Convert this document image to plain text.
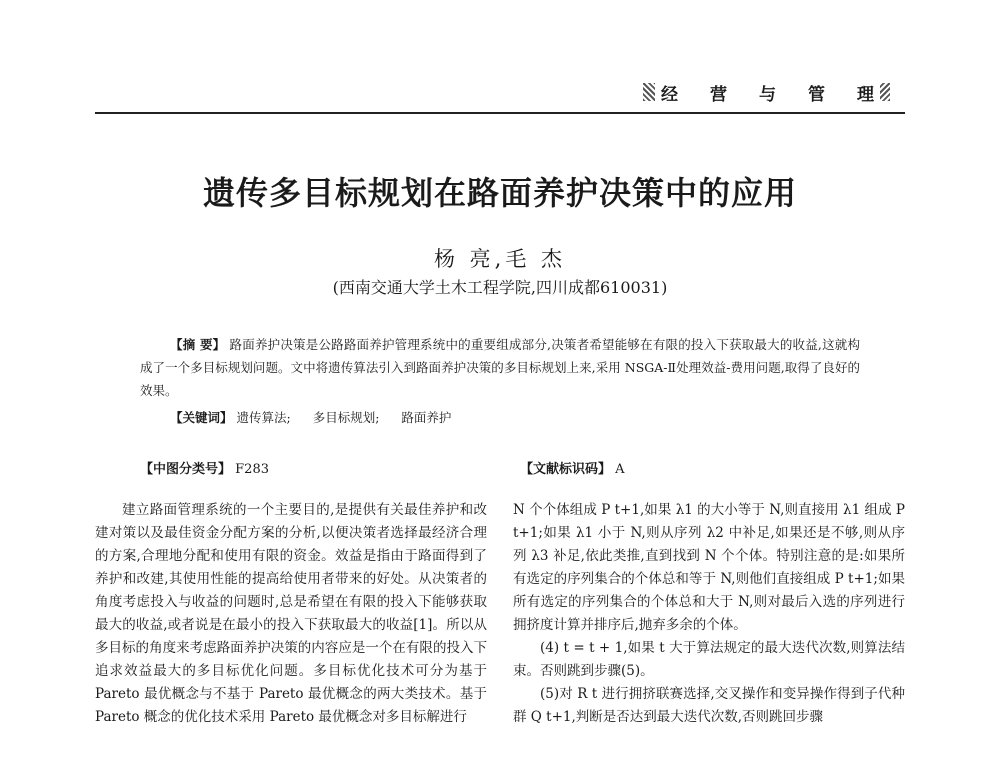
经 营 与 管 理
遗传多目标规划在路面养护决策中的应用
杨 亮,毛 杰
(西南交通大学土木工程学院,四川成都610031)
【摘 要】 路面养护决策是公路路面养护管理系统中的重要组成部分,决策者希望能够在有限的投入下获取最大的收益,这就构成了一个多目标规划问题。文中将遗传算法引入到路面养护决策的多目标规划上来,采用 NSGA-Ⅱ处理效益-费用问题,取得了良好的效果。
【关键词】 遗传算法; 多目标规划; 路面养护
【中图分类号】 F283	【文献标识码】 A

建立路面管理系统的一个主要目的,是提供有关最佳养护和改建对策以及最佳资金分配方案的分析,以便决策者选择最经济合理的方案,合理地分配和使用有限的资金。效益是指由于路面得到了养护和改建,其使用性能的提高给使用者带来的好处。从决策者的角度考虑投入与收益的问题时,总是希望在有限的投入下能够获取最大的收益,或者说是在最小的投入下获取最大的收益[1]。所以从多目标的角度来考虑路面养护决策的内容应是一个在有限的投入下追求效益最大的多目标优化问题。多目标优化技术可分为基于 Pareto 最优概念与不基于 Pareto 最优概念的两大类技术。基于 Pareto 概念的优化技术采用 Pareto 最优概念对多目标解进行

N 个个体组成 P t+1,如果 λ1 的大小等于 N,则直接用 λ1 组成 P t+1;如果 λ1 小于 N,则从序列 λ2 中补足,如果还是不够,则从序列 λ3 补足,依此类推,直到找到 N 个个体。特别注意的是:如果所有选定的序列集合的个体总和等于 N,则他们直接组成 P t+1;如果所有选定的序列集合的个体总和大于 N,则对最后入选的序列进行拥挤度计算并排序后,抛弃多余的个体。

(4) t = t + 1,如果 t 大于算法规定的最大迭代次数,则算法结束。否则跳到步骤(5)。

(5)对 R t 进行拥挤联赛选择,交叉操作和变异操作得到子代种群 Q t+1,判断是否达到最大迭代次数,否则跳回步骤
